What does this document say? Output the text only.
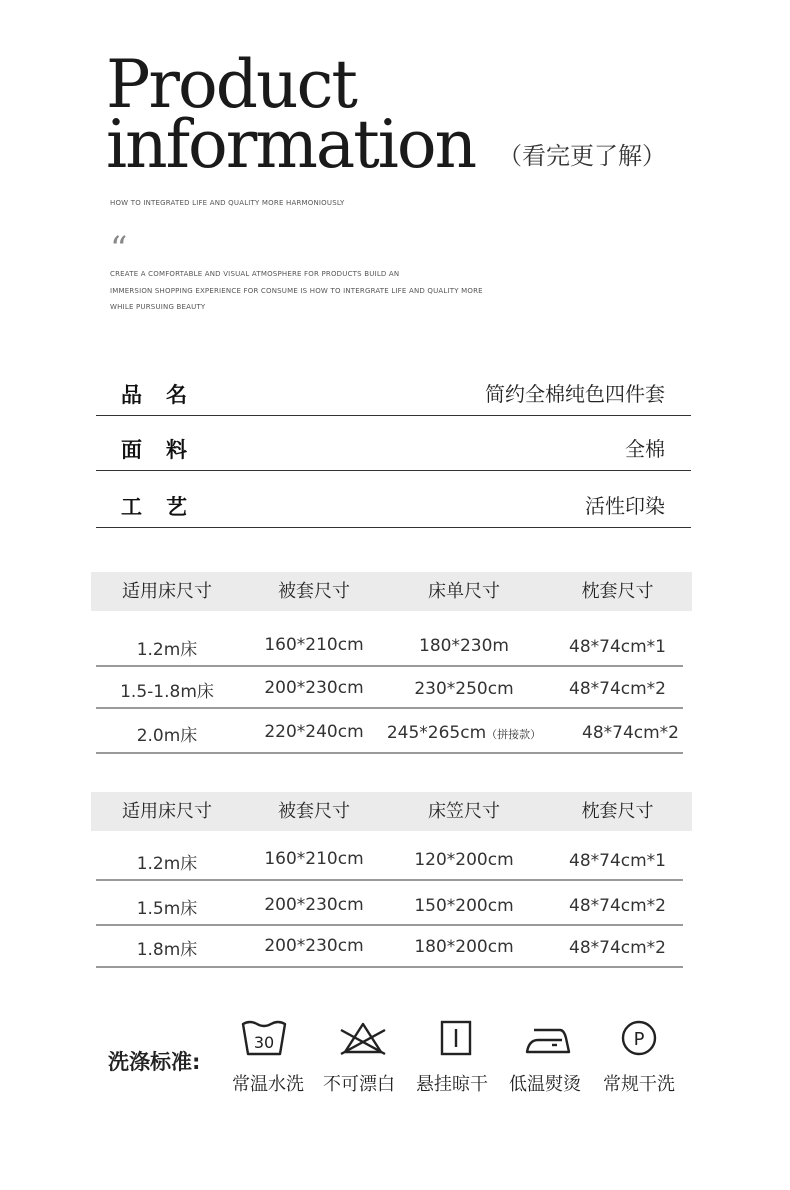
Product
information （看完更了解）
HOW TO INTEGRATED LIFE AND QUALITY MORE HARMONIOUSLY
“
CREATE A COMFORTABLE AND VISUAL ATMOSPHERE FOR PRODUCTS BUILD AN
IMMERSION SHOPPING EXPERIENCE FOR CONSUME IS HOW TO INTERGRATE LIFE AND QUALITY MORE
WHILE PURSUING BEAUTY
品名	简约全棉纯色四件套
面料	全棉
工艺	活性印染
适用床尺寸	被套尺寸	床单尺寸	枕套尺寸
1.2m床	160*210cm	180*230m	48*74cm*1
1.5-1.8m床	200*230cm	230*250cm	48*74cm*2
2.0m床	220*240cm	245*265cm（拼接款）	48*74cm*2
适用床尺寸	被套尺寸	床笠尺寸	枕套尺寸
1.2m床	160*210cm	120*200cm	48*74cm*1
1.5m床	200*230cm	150*200cm	48*74cm*2
1.8m床	200*230cm	180*200cm	48*74cm*2
洗涤标准:
30	P
常温水洗	不可漂白	悬挂晾干	低温熨烫	常规干洗
